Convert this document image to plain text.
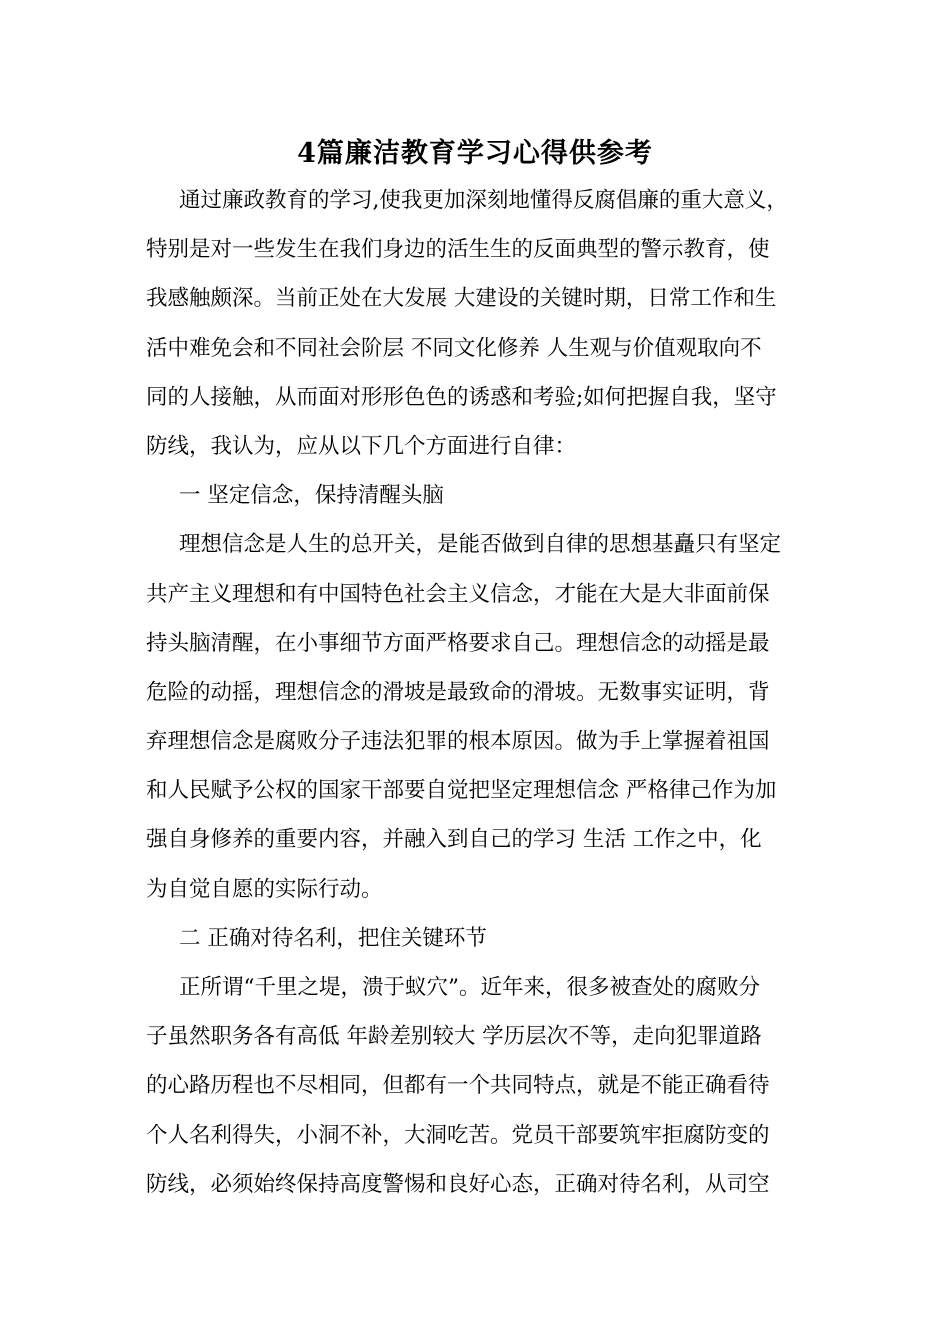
4篇廉洁教育学习心得供参考
通过廉政教育的学习,使我更加深刻地懂得反腐倡廉的重大意义，
特别是对一些发生在我们身边的活生生的反面典型的警示教育，使
我感触颇深。当前正处在大发展 大建设的关键时期，日常工作和生
活中难免会和不同社会阶层 不同文化修养 人生观与价值观取向不
同的人接触，从而面对形形色色的诱惑和考验;如何把握自我，坚守
防线，我认为，应从以下几个方面进行自律：
一 坚定信念，保持清醒头脑
理想信念是人生的总开关，是能否做到自律的思想基矗只有坚定
共产主义理想和有中国特色社会主义信念，才能在大是大非面前保
持头脑清醒，在小事细节方面严格要求自己。理想信念的动摇是最
危险的动摇，理想信念的滑坡是最致命的滑坡。无数事实证明，背
弃理想信念是腐败分子违法犯罪的根本原因。做为手上掌握着祖国
和人民赋予公权的国家干部要自觉把坚定理想信念 严格律己作为加
强自身修养的重要内容，并融入到自己的学习 生活 工作之中，化
为自觉自愿的实际行动。
二 正确对待名利，把住关键环节
正所谓“千里之堤，溃于蚁穴”。近年来，很多被查处的腐败分
子虽然职务各有高低 年龄差别较大 学历层次不等，走向犯罪道路
的心路历程也不尽相同，但都有一个共同特点，就是不能正确看待
个人名利得失，小洞不补，大洞吃苦。党员干部要筑牢拒腐防变的
防线，必须始终保持高度警惕和良好心态，正确对待名利，从司空
